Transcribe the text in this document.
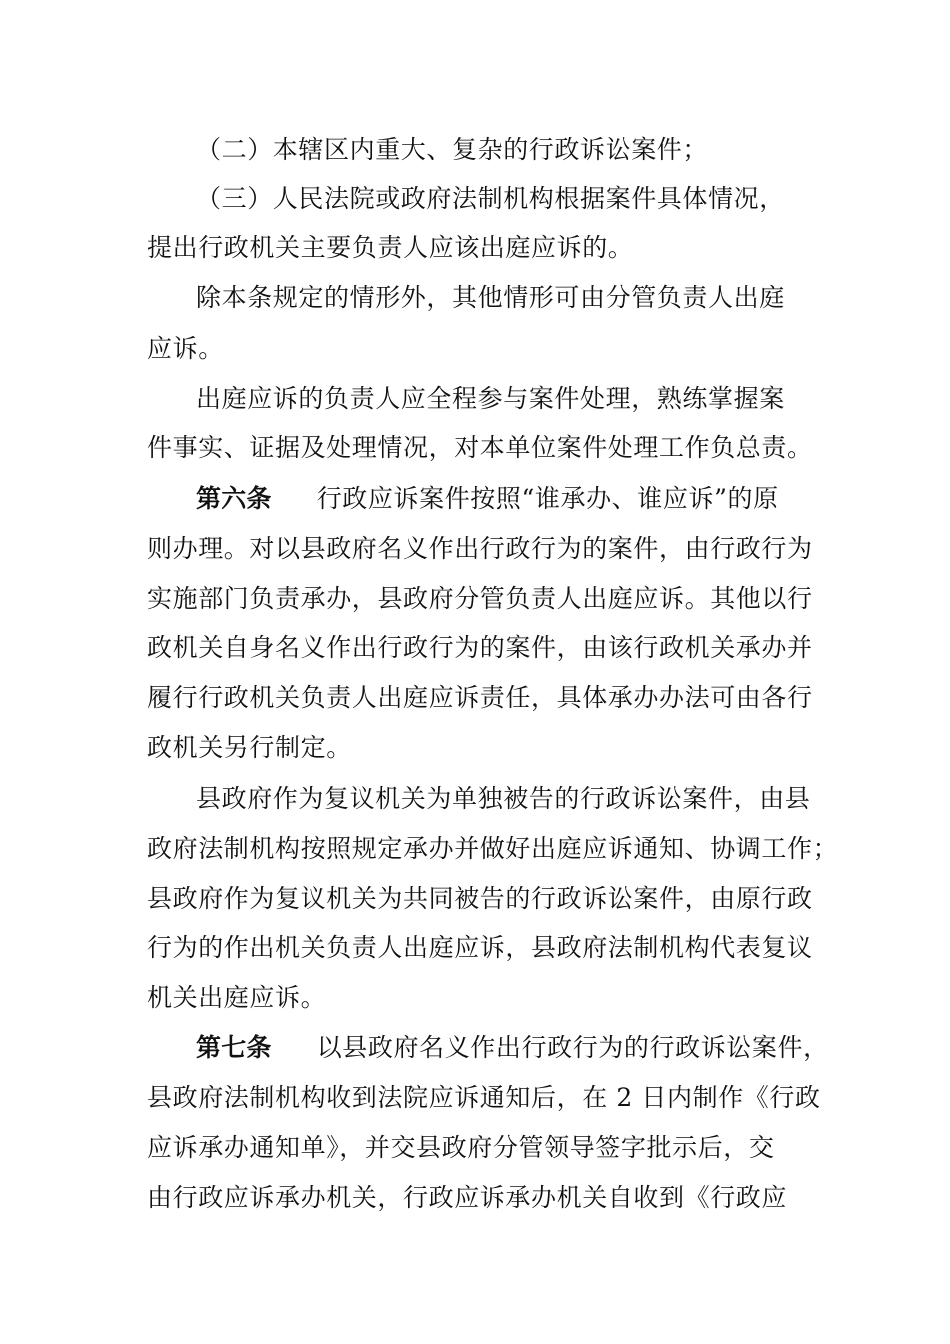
（二）本辖区内重大、复杂的行政诉讼案件；
（三）人民法院或政府法制机构根据案件具体情况，
提出行政机关主要负责人应该出庭应诉的。
除本条规定的情形外，其他情形可由分管负责人出庭
应诉。
出庭应诉的负责人应全程参与案件处理，熟练掌握案
件事实、证据及处理情况，对本单位案件处理工作负总责。
第六条 行政应诉案件按照“谁承办、谁应诉”的原
则办理。对以县政府名义作出行政行为的案件，由行政行为
实施部门负责承办，县政府分管负责人出庭应诉。其他以行
政机关自身名义作出行政行为的案件，由该行政机关承办并
履行行政机关负责人出庭应诉责任，具体承办办法可由各行
政机关另行制定。
县政府作为复议机关为单独被告的行政诉讼案件，由县
政府法制机构按照规定承办并做好出庭应诉通知、协调工作；
县政府作为复议机关为共同被告的行政诉讼案件，由原行政
行为的作出机关负责人出庭应诉，县政府法制机构代表复议
机关出庭应诉。
第七条 以县政府名义作出行政行为的行政诉讼案件，
县政府法制机构收到法院应诉通知后，在 2 日内制作《行政
应诉承办通知单》，并交县政府分管领导签字批示后，交
由行政应诉承办机关，行政应诉承办机关自收到《行政应
